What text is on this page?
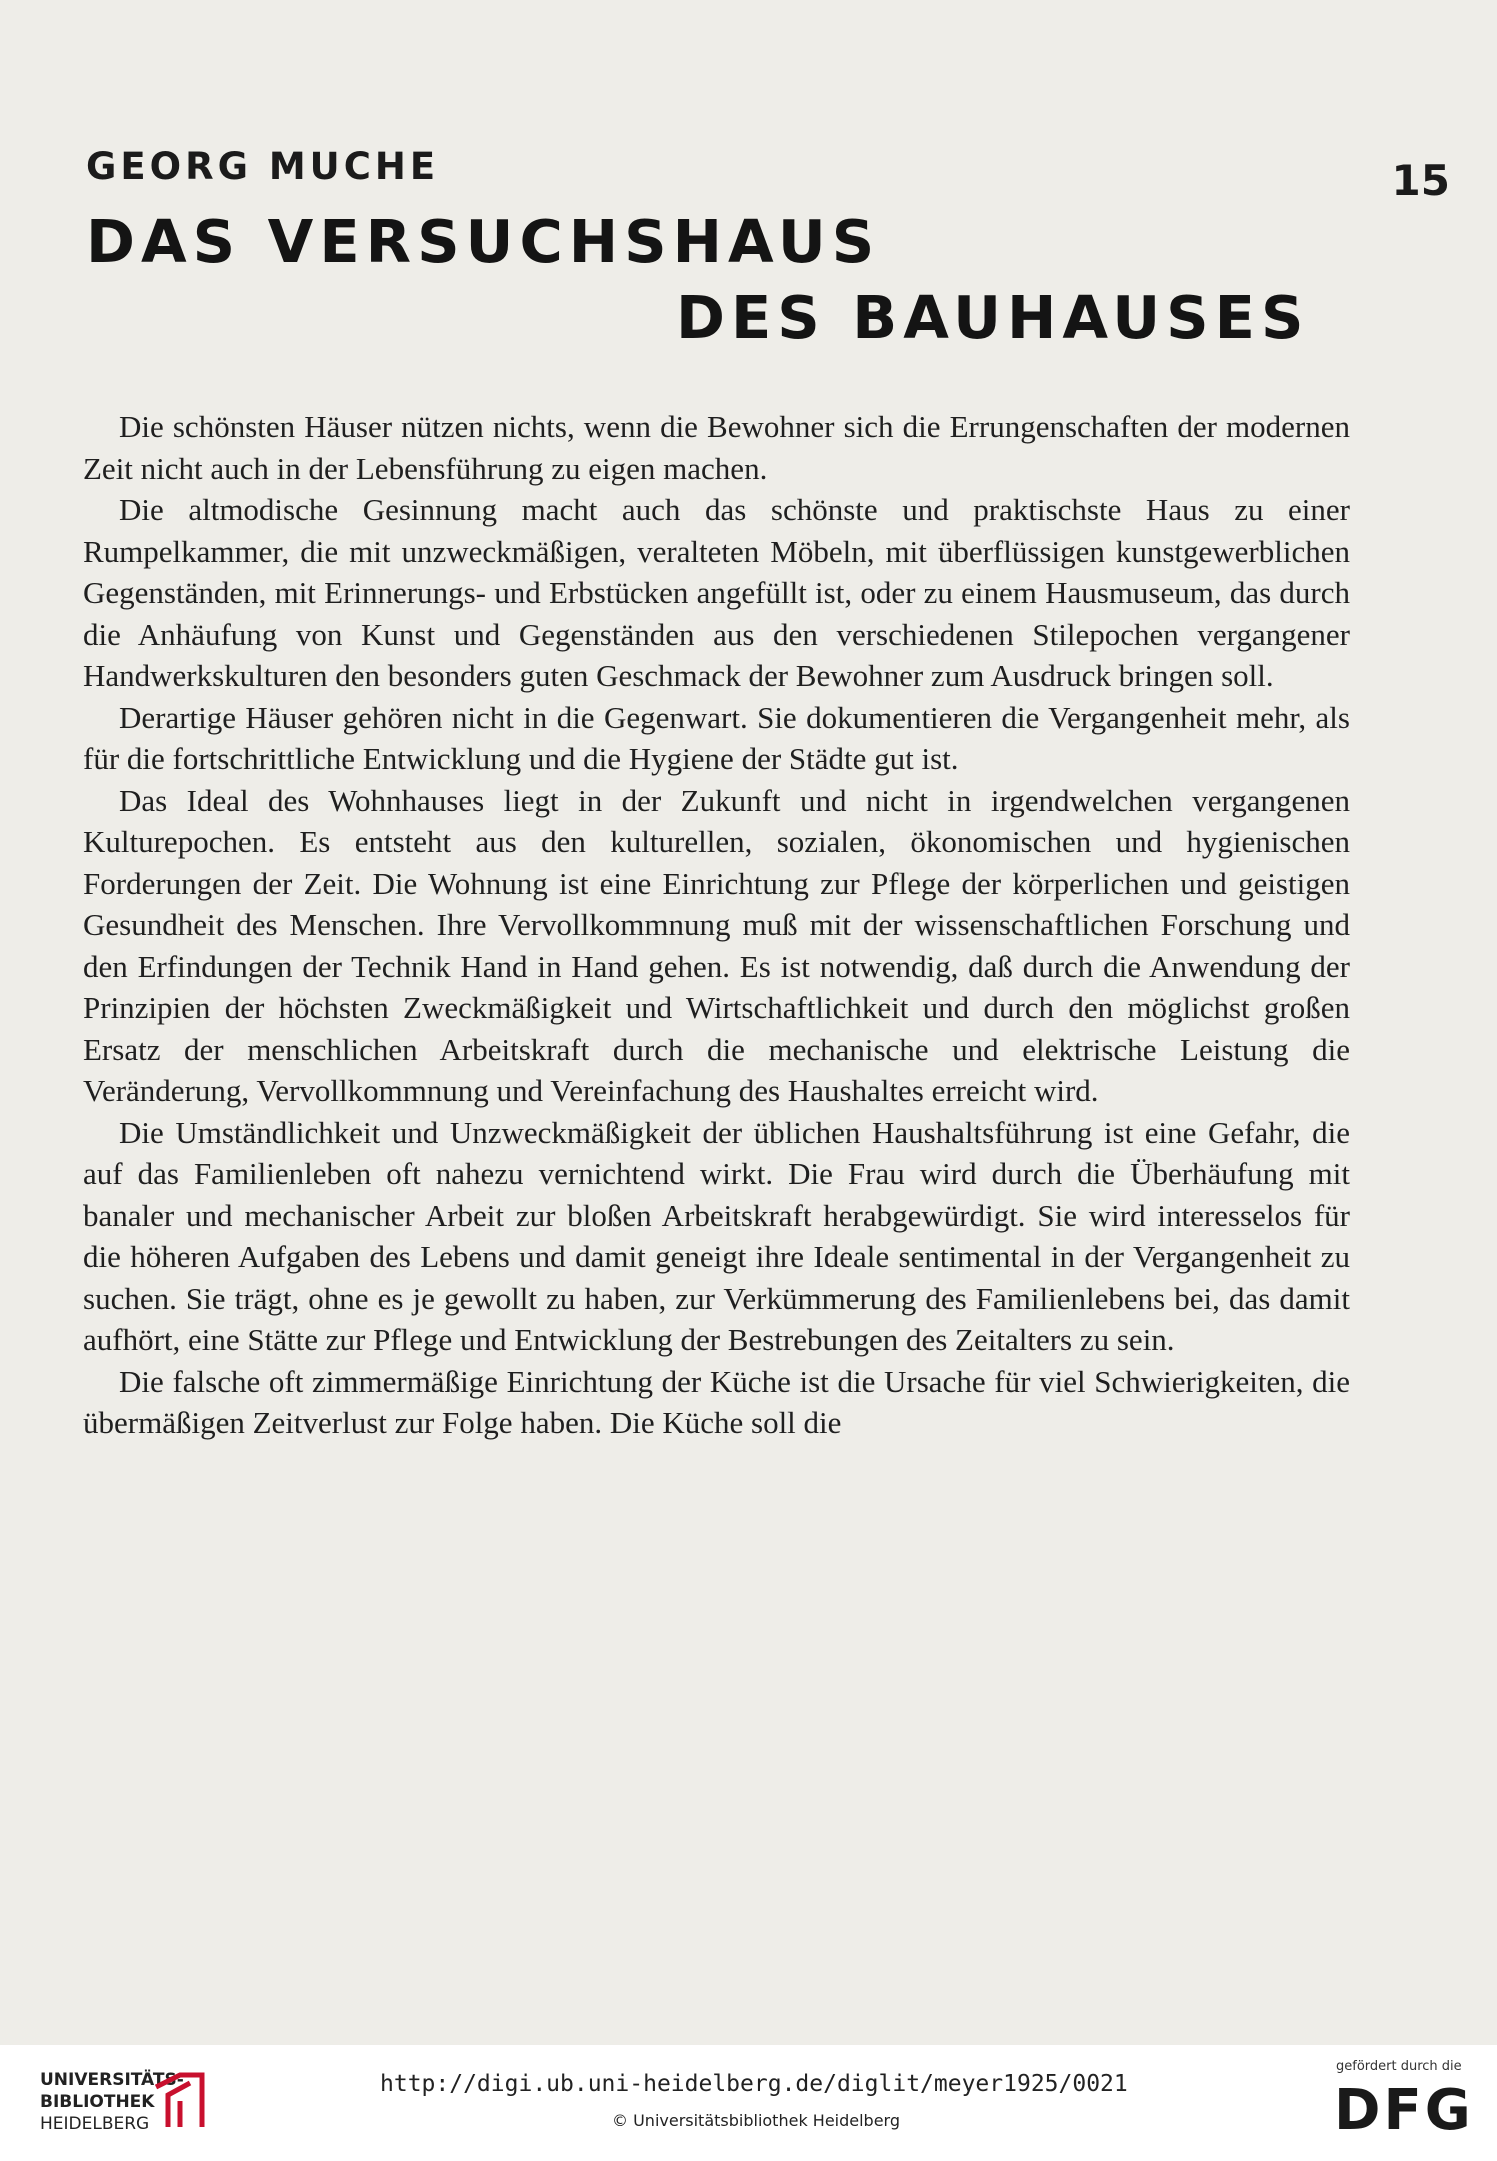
GEORG MUCHE	15
DAS VERSUCHSHAUS
DES BAUHAUSES

Die schönsten Häuser nützen nichts, wenn die Bewohner sich die Errungenschaften der modernen Zeit nicht auch in der Lebensführung zu eigen machen.

Die altmodische Gesinnung macht auch das schönste und praktischste Haus zu einer Rumpelkammer, die mit unzweckmäßigen, veralteten Möbeln, mit überflüssigen kunstgewerblichen Gegenständen, mit Erinnerungs- und Erbstücken angefüllt ist, oder zu einem Hausmuseum, das durch die Anhäufung von Kunst und Gegenständen aus den verschiedenen Stilepochen vergangener Handwerkskulturen den besonders guten Geschmack der Bewohner zum Ausdruck bringen soll.

Derartige Häuser gehören nicht in die Gegenwart. Sie dokumentieren die Vergangenheit mehr, als für die fortschrittliche Entwicklung und die Hygiene der Städte gut ist.

Das Ideal des Wohnhauses liegt in der Zukunft und nicht in irgendwelchen vergangenen Kulturepochen. Es entsteht aus den kulturellen, sozialen, ökonomischen und hygienischen Forderungen der Zeit. Die Wohnung ist eine Einrichtung zur Pflege der körperlichen und geistigen Gesundheit des Menschen. Ihre Vervollkommnung muß mit der wissenschaftlichen Forschung und den Erfindungen der Technik Hand in Hand gehen. Es ist notwendig, daß durch die Anwendung der Prinzipien der höchsten Zweckmäßigkeit und Wirtschaftlichkeit und durch den möglichst großen Ersatz der menschlichen Arbeitskraft durch die mechanische und elektrische Leistung die Veränderung, Vervollkommnung und Vereinfachung des Haushaltes erreicht wird.

Die Umständlichkeit und Unzweckmäßigkeit der üblichen Haushaltsführung ist eine Gefahr, die auf das Familienleben oft nahezu vernichtend wirkt. Die Frau wird durch die Überhäufung mit banaler und mechanischer Arbeit zur bloßen Arbeitskraft herabgewürdigt. Sie wird interesselos für die höheren Aufgaben des Lebens und damit geneigt ihre Ideale sentimental in der Vergangenheit zu suchen. Sie trägt, ohne es je gewollt zu haben, zur Verkümmerung des Familienlebens bei, das damit aufhört, eine Stätte zur Pflege und Entwicklung der Bestrebungen des Zeitalters zu sein.

Die falsche oft zimmermäßige Einrichtung der Küche ist die Ursache für viel Schwierigkeiten, die übermäßigen Zeitverlust zur Folge haben. Die Küche soll die

UNIVERSITÄTS-
BIBLIOTHEK
HEIDELBERG
http://digi.ub.uni-heidelberg.de/diglit/meyer1925/0021
© Universitätsbibliothek Heidelberg
gefördert durch die
DFG
